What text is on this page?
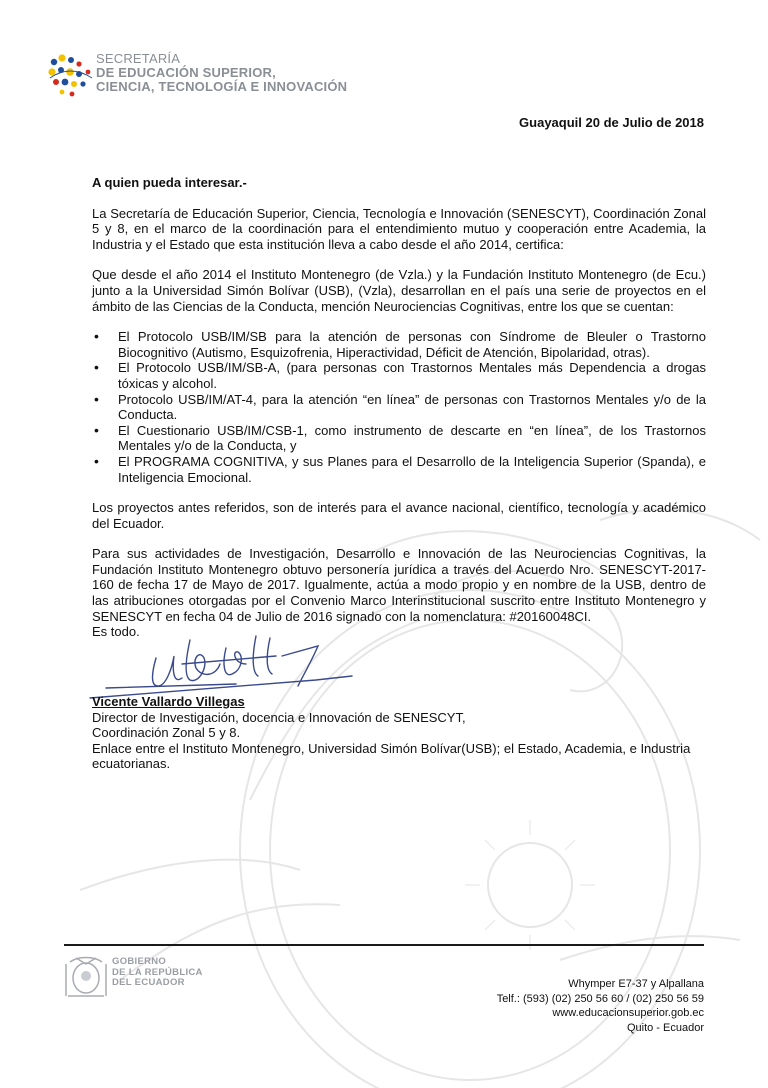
SECRETARÍA
DE EDUCACIÓN SUPERIOR,
CIENCIA, TECNOLOGÍA E INNOVACIÓN
Guayaquil 20 de Julio de 2018

A quien pueda interesar.-

La Secretaría de Educación Superior, Ciencia, Tecnología e Innovación (SENESCYT), Coordinación Zonal 5 y 8, en el marco de la coordinación para el entendimiento mutuo y cooperación entre Academia, la Industria y el Estado que esta institución lleva a cabo desde el año 2014, certifica:

Que desde el año 2014 el Instituto Montenegro (de Vzla.) y la Fundación Instituto Montenegro (de Ecu.) junto a la Universidad Simón Bolívar (USB), (Vzla), desarrollan en el país una serie de proyectos en el ámbito de las Ciencias de la Conducta, mención Neurociencias Cognitivas, entre los que se cuentan:

• El Protocolo USB/IM/SB para la atención de personas con Síndrome de Bleuler o Trastorno Biocognitivo (Autismo, Esquizofrenia, Hiperactividad, Déficit de Atención, Bipolaridad, otras).
• El Protocolo USB/IM/SB-A, (para personas con Trastornos Mentales más Dependencia a drogas tóxicas y alcohol.
• Protocolo USB/IM/AT-4, para la atención “en línea” de personas con Trastornos Mentales y/o de la Conducta.
• El Cuestionario USB/IM/CSB-1, como instrumento de descarte en “en línea”, de los Trastornos Mentales y/o de la Conducta, y
• El PROGRAMA COGNITIVA, y sus Planes para el Desarrollo de la Inteligencia Superior (Spanda), e Inteligencia Emocional.

Los proyectos antes referidos, son de interés para el avance nacional, científico, tecnología y académico del Ecuador.

Para sus actividades de Investigación, Desarrollo e Innovación de las Neurociencias Cognitivas, la Fundación Instituto Montenegro obtuvo personería jurídica a través del Acuerdo Nro. SENESCYT-2017-160 de fecha 17 de Mayo de 2017. Igualmente, actúa a modo propio y en nombre de la USB, dentro de las atribuciones otorgadas por el Convenio Marco Interinstitucional suscrito entre Instituto Montenegro y SENESCYT en fecha 04 de Julio de 2016 signado con la nomenclatura: #20160048CI.

Es todo.

Vicente Vallardo Villegas
Director de Investigación, docencia e Innovación de SENESCYT,
Coordinación Zonal 5 y 8.
Enlace entre el Instituto Montenegro, Universidad Simón Bolívar(USB); el Estado, Academia, e Industria
ecuatorianas.
GOBIERNO
DE LA REPÚBLICA
DEL ECUADOR	Whymper E7-37 y Alpallana
Telf.: (593) (02) 250 56 60 / (02) 250 56 59
www.educacionsuperior.gob.ec
Quito - Ecuador
